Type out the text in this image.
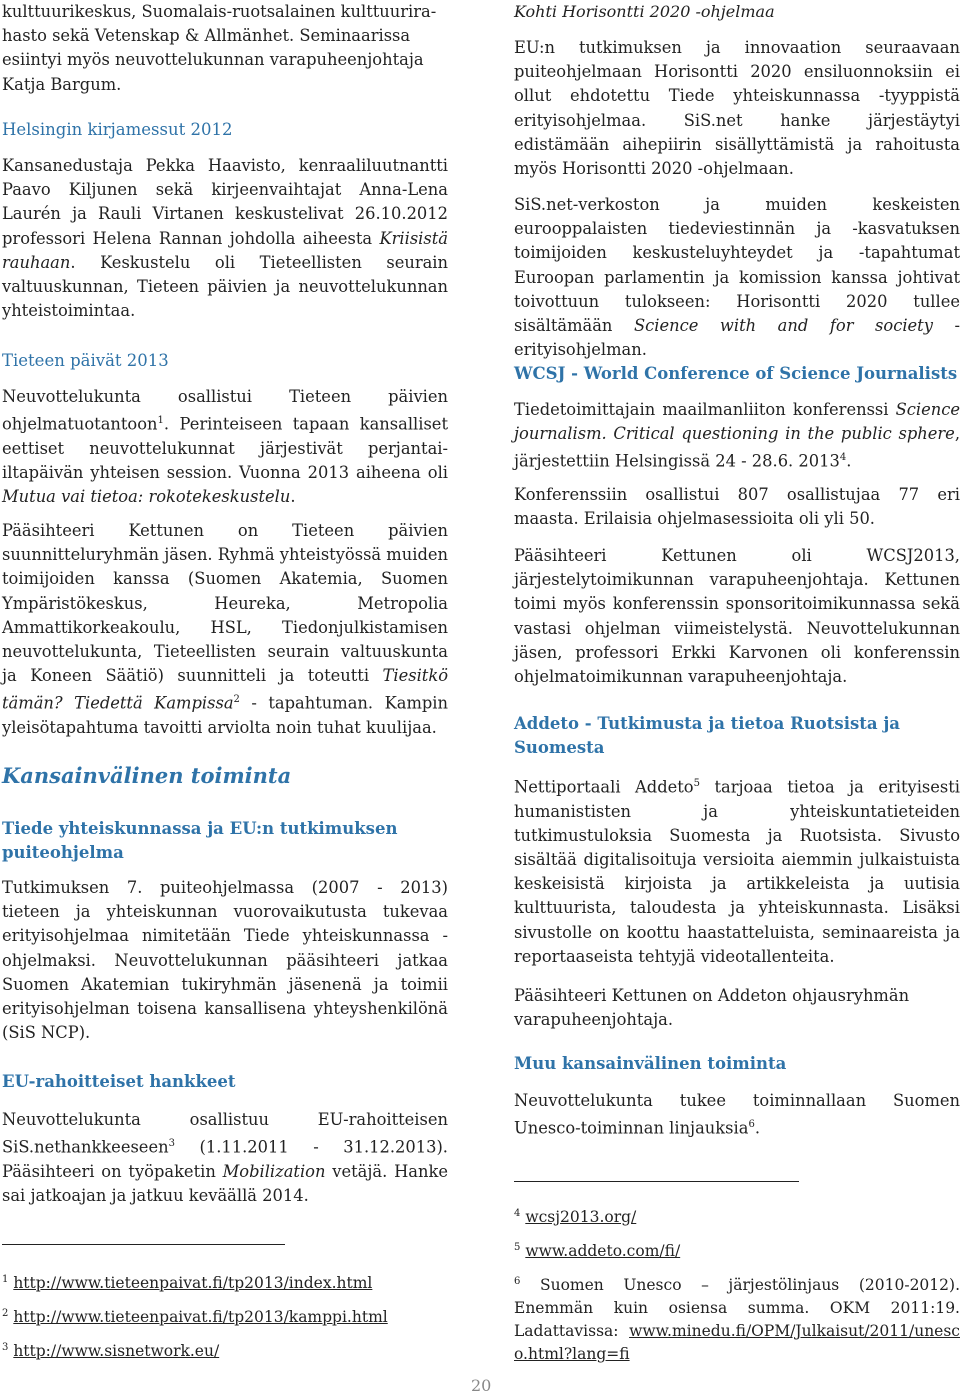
kulttuurikeskus, Suomalais-ruotsalainen kulttuurira-
hasto sekä Vetenskap & Allmänhet. Seminaarissa
esiintyi myös neuvottelukunnan varapuheenjohtaja
Katja Bargum.

Helsingin kirjamessut 2012

Kansanedustaja Pekka Haavisto, kenraaliluutnantti Paavo Kiljunen sekä kirjeenvaihtajat Anna-Lena Laurén ja Rauli Virtanen keskustelivat 26.10.2012 professori Helena Rannan johdolla aiheesta Kriisistä rauhaan. Keskustelu oli Tieteellisten seurain valtuuskunnan, Tieteen päivien ja neuvottelukunnan yhteistoimintaa.

Tieteen päivät 2013

Neuvottelukunta osallistui Tieteen päivien ohjelmatuotantoon$^1$. Perinteiseen tapaan kansalliset eettiset neuvottelukunnat järjestivät perjantai-iltapäivän yhteisen session. Vuonna 2013 aiheena oli Mutua vai tietoa: rokotekeskustelu.

Pääsihteeri Kettunen on Tieteen päivien suunnitteluryhmän jäsen. Ryhmä yhteistyössä muiden toimijoiden kanssa (Suomen Akatemia, Suomen Ympäristökeskus, Heureka, Metropolia Ammattikorkeakoulu, HSL, Tiedonjulkistamisen neuvottelukunta, Tieteellisten seurain valtuuskunta ja Koneen Säätiö) suunnitteli ja toteutti Tiesitkö tämän? Tiedettä Kampissa$^2$ - tapahtuman. Kampin yleisötapahtuma tavoitti arviolta noin tuhat kuulijaa.

Kansainvälinen toiminta
Tiede yhteiskunnassa ja EU:n tutkimuksen puiteohjelma

Tutkimuksen 7. puiteohjelmassa (2007 - 2013) tieteen ja yhteiskunnan vuorovaikutusta tukevaa erityisohjelmaa nimitetään Tiede yhteiskunnassa -ohjelmaksi. Neuvottelukunnan pääsihteeri jatkaa Suomen Akatemian tukiryhmän jäsenenä ja toimii erityisohjelman toisena kansallisena yhteyshenkilönä (SiS NCP).

EU-rahoitteiset hankkeet

Neuvottelukunta osallistuu EU-rahoitteisen SiS.nethankkeeseen$^3$ (1.11.2011 - 31.12.2013). Pääsihteeri on työpaketin Mobilization vetäjä. Hanke sai jatkoajan ja jatkuu keväällä 2014.

$^1$ http://www.tieteenpaivat.fi/tp2013/index.html

$^2$ http://www.tieteenpaivat.fi/tp2013/kamppi.html

$^3$ http://www.sisnetwork.eu/

Kohti Horisontti 2020 -ohjelmaa

EU:n tutkimuksen ja innovaation seuraavaan puiteohjelmaan Horisontti 2020 ensiluonnoksiin ei ollut ehdotettu Tiede yhteiskunnassa -tyyppistä erityisohjelmaa. SiS.net hanke järjestäytyi edistämään aihepiirin sisällyttämistä ja rahoitusta myös Horisontti 2020 -ohjelmaan.

SiS.net-verkoston ja muiden keskeisten eurooppalaisten tiedeviestinnän ja -kasvatuksen toimijoiden keskusteluyhteydet ja -tapahtumat Euroopan parlamentin ja komission kanssa johtivat toivottuun tulokseen: Horisontti 2020 tullee sisältämään Science with and for society -erityisohjelman.

WCSJ - World Conference of Science Journalists

Tiedetoimittajain maailmanliiton konferenssi Science journalism. Critical questioning in the public sphere, järjestettiin Helsingissä 24 - 28.6. 2013$^4$.

Konferenssiin osallistui 807 osallistujaa 77 eri maasta. Erilaisia ohjelmasessioita oli yli 50.

Pääsihteeri Kettunen oli WCSJ2013, järjestelytoimikunnan varapuheenjohtaja. Kettunen toimi myös konferenssin sponsoritoimikunnassa sekä vastasi ohjelman viimeistelystä. Neuvottelukunnan jäsen, professori Erkki Karvonen oli konferenssin ohjelmatoimikunnan varapuheenjohtaja.

Addeto - Tutkimusta ja tietoa Ruotsista ja Suomesta

Nettiportaali Addeto$^5$ tarjoaa tietoa ja erityisesti humanististen ja yhteiskuntatieteiden tutkimustuloksia Suomesta ja Ruotsista. Sivusto sisältää digitalisoituja versioita aiemmin julkaistuista keskeisistä kirjoista ja artikkeleista ja uutisia kulttuurista, taloudesta ja yhteiskunnasta. Lisäksi sivustolle on koottu haastatteluista, seminaareista ja reportaaseista tehtyjä videotallenteita.

Pääsihteeri Kettunen on Addeton ohjausryhmän varapuheenjohtaja.

Muu kansainvälinen toiminta

Neuvottelukunta tukee toiminnallaan Suomen Unesco-toiminnan linjauksia$^6$.

$^4$ wcsj2013.org/

$^5$ www.addeto.com/fi/

$^6$ Suomen Unesco – järjestölinjaus (2010-2012). Enemmän kuin osiensa summa. OKM 2011:19. Ladattavissa: www.minedu.fi/OPM/Julkaisut/2011/unesco.html?lang=fi

20
